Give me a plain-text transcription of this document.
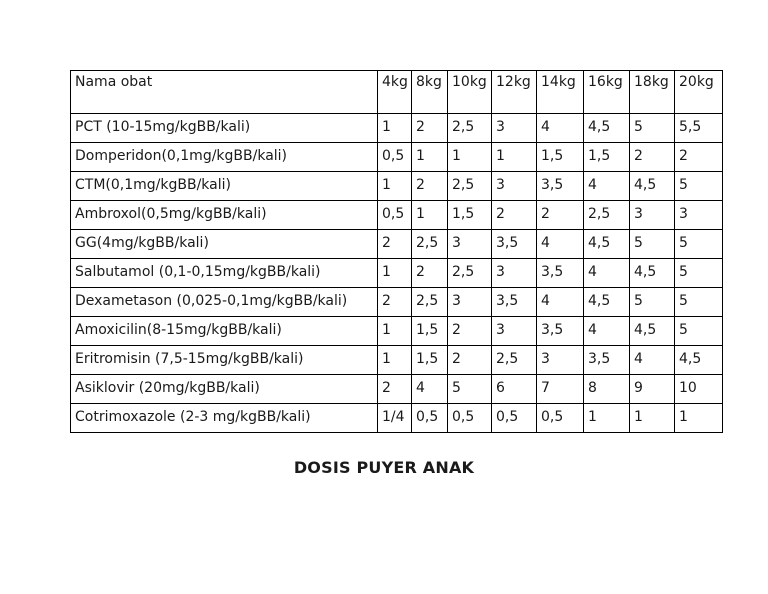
Nama obat	4kg	8kg	10kg	12kg	14kg	16kg	18kg	20kg
PCT (10-15mg/kgBB/kali)	1	2	2,5	3	4	4,5	5	5,5
Domperidon(0,1mg/kgBB/kali)	0,5	1	1	1	1,5	1,5	2	2
CTM(0,1mg/kgBB/kali)	1	2	2,5	3	3,5	4	4,5	5
Ambroxol(0,5mg/kgBB/kali)	0,5	1	1,5	2	2	2,5	3	3
GG(4mg/kgBB/kali)	2	2,5	3	3,5	4	4,5	5	5
Salbutamol (0,1-0,15mg/kgBB/kali)	1	2	2,5	3	3,5	4	4,5	5
Dexametason (0,025-0,1mg/kgBB/kali)	2	2,5	3	3,5	4	4,5	5	5
Amoxicilin(8-15mg/kgBB/kali)	1	1,5	2	3	3,5	4	4,5	5
Eritromisin (7,5-15mg/kgBB/kali)	1	1,5	2	2,5	3	3,5	4	4,5
Asiklovir (20mg/kgBB/kali)	2	4	5	6	7	8	9	10
Cotrimoxazole (2-3 mg/kgBB/kali)	1/4	0,5	0,5	0,5	0,5	1	1	1
DOSIS PUYER ANAK
